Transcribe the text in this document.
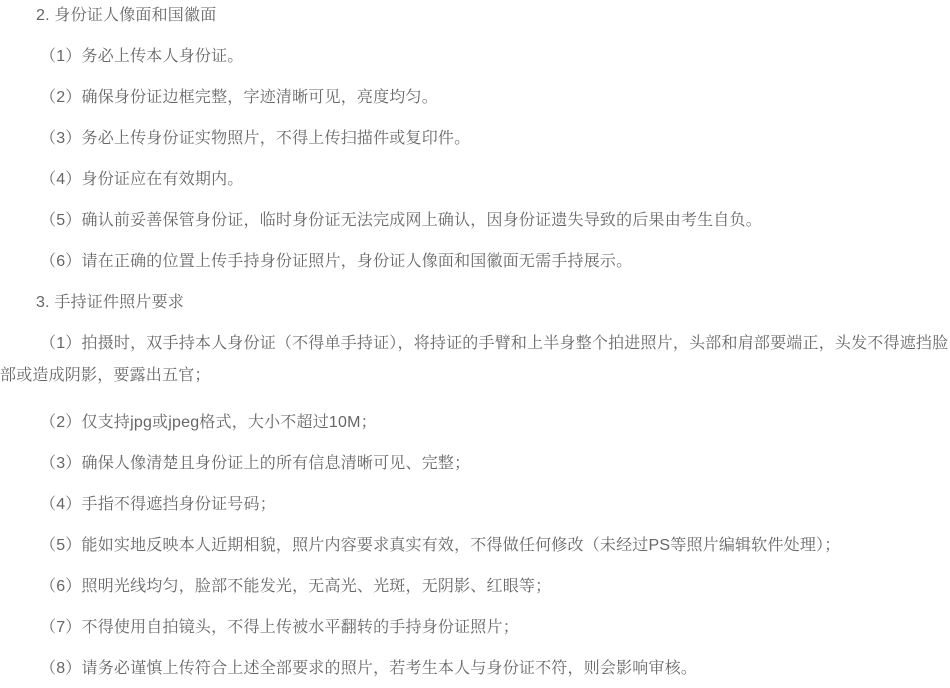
2. 身份证人像面和国徽面

（1）务必上传本人身份证。

（2）确保身份证边框完整，字迹清晰可见，亮度均匀。

（3）务必上传身份证实物照片，不得上传扫描件或复印件。

（4）身份证应在有效期内。

（5）确认前妥善保管身份证，临时身份证无法完成网上确认，因身份证遗失导致的后果由考生自负。

（6）请在正确的位置上传手持身份证照片，身份证人像面和国徽面无需手持展示。

3. 手持证件照片要求

（1）拍摄时，双手持本人身份证（不得单手持证），将持证的手臂和上半身整个拍进照片，头部和肩部要端正，头发不得遮挡脸部或造成阴影，要露出五官；

（2）仅支持jpg或jpeg格式，大小不超过10M；

（3）确保人像清楚且身份证上的所有信息清晰可见、完整；

（4）手指不得遮挡身份证号码；

（5）能如实地反映本人近期相貌，照片内容要求真实有效，不得做任何修改（未经过PS等照片编辑软件处理）；

（6）照明光线均匀，脸部不能发光，无高光、光斑，无阴影、红眼等；

（7）不得使用自拍镜头，不得上传被水平翻转的手持身份证照片；

（8）请务必谨慎上传符合上述全部要求的照片，若考生本人与身份证不符，则会影响审核。
